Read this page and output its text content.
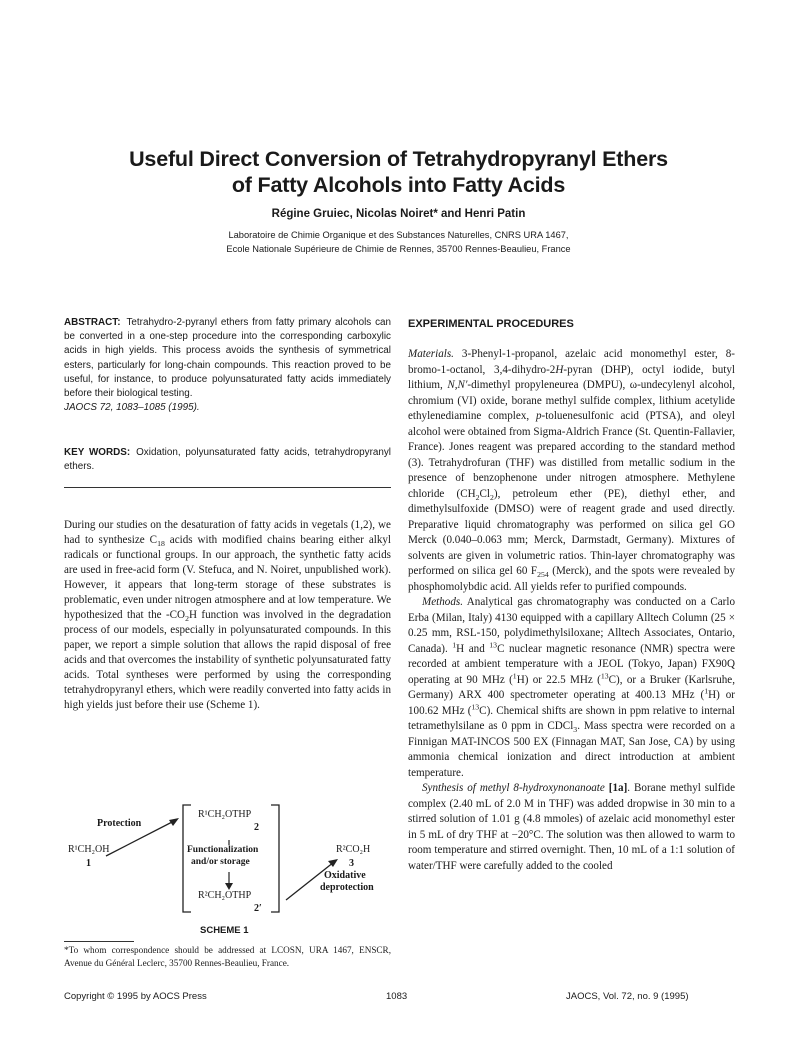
Useful Direct Conversion of Tetrahydropyranyl Ethers
of Fatty Alcohols into Fatty Acids
Régine Gruiec, Nicolas Noiret* and Henri Patin
Laboratoire de Chimie Organique et des Substances Naturelles, CNRS URA 1467,
Ecole Nationale Supérieure de Chimie de Rennes, 35700 Rennes-Beaulieu, France
ABSTRACT: Tetrahydro-2-pyranyl ethers from fatty primary alcohols can be converted in a one-step procedure into the corresponding carboxylic acids in high yields. This process avoids the synthesis of symmetrical esters, particularly for long-chain compounds. This reaction proved to be useful, for instance, to produce polyunsaturated fatty acids immediately before their biological testing.
JAOCS 72, 1083–1085 (1995).
KEY WORDS: Oxidation, polyunsaturated fatty acids, tetrahydropyranyl ethers.

During our studies on the desaturation of fatty acids in vegetals (1,2), we had to synthesize $C_{18}$ acids with modified chains bearing either alkyl radicals or functional groups. In our approach, the synthetic fatty acids are used in free-acid form (V. Stefuca, and N. Noiret, unpublished work). However, it appears that long-term storage of these substrates is problematic, even under nitrogen atmosphere and at low temperature. We hypothesized that the $-CO_2H$ function was involved in the degradation process of our models, especially in polyunsaturated compounds. In this paper, we report a simple solution that allows the rapid disposal of free acids and that overcomes the instability of synthetic polyunsaturated fatty acids. Total syntheses were performed by using the corresponding tetrahydropyranyl ethers, which were readily converted into fatty acids in high yields just before their use (Scheme 1).

Protection
R¹CH₂OH
1
R¹CH₂OTHP
2
Functionalization
and/or storage
R²CH₂OTHP
2′
R²CO₂H
3
Oxidative
deprotection
SCHEME 1
*To whom correspondence should be addressed at LCOSN, URA 1467, ENSCR, Avenue du Général Leclerc, 35700 Rennes-Beaulieu, France.
EXPERIMENTAL PROCEDURES

Materials. 3-Phenyl-1-propanol, azelaic acid monomethyl ester, 8-bromo-1-octanol, 3,4-dihydro-2H-pyran (DHP), octyl iodide, butyl lithium, N,N′-dimethyl propyleneurea (DMPU), ω-undecylenyl alcohol, chromium (VI) oxide, borane methyl sulfide complex, lithium acetylide ethylenediamine complex, p-toluenesulfonic acid (PTSA), and oleyl alcohol were obtained from Sigma-Aldrich France (St. Quentin-Fallavier, France). Jones reagent was prepared according to the standard method (3). Tetrahydrofuran (THF) was distilled from metallic sodium in the presence of benzophenone under nitrogen atmosphere. Methylene chloride $(CH_2Cl_2)$, petroleum ether (PE), diethyl ether, and dimethylsulfoxide (DMSO) were of reagent grade and used directly. Preparative liquid chromatography was performed on silica gel GO Merck (0.040–0.063 mm; Merck, Darmstadt, Germany). Mixtures of solvents are given in volumetric ratios. Thin-layer chromatography was performed on silica gel 60 $F_{254}$ (Merck), and the spots were revealed by phosphomolybdic acid. All yields refer to purified compounds.

Methods. Analytical gas chromatography was conducted on a Carlo Erba (Milan, Italy) 4130 equipped with a capillary Alltech Column (25 × 0.25 mm, RSL-150, polydimethylsiloxane; Alltech Associates, Ontario, Canada). $^1$H and $^{13}$C nuclear magnetic resonance (NMR) spectra were recorded at ambient temperature with a JEOL (Tokyo, Japan) FX90Q operating at 90 MHz ($^1$H) or 22.5 MHz ($^{13}$C), or a Bruker (Karlsruhe, Germany) ARX 400 spectrometer operating at 400.13 MHz ($^1$H) or 100.62 MHz ($^{13}$C). Chemical shifts are shown in ppm relative to internal tetramethylsilane as 0 ppm in CDCl$_3$. Mass spectra were recorded on a Finnigan MAT-INCOS 500 EX (Finnagan MAT, San Jose, CA) by using ammonia chemical ionization and direct introduction at ambient temperature.

Synthesis of methyl 8-hydroxynonanoate [1a]. Borane methyl sulfide complex (2.40 mL of 2.0 M in THF) was added dropwise in 30 min to a stirred solution of 1.01 g (4.8 mmoles) of azelaic acid monomethyl ester in 5 mL of dry THF at −20°C. The solution was then allowed to warm to room temperature and stirred overnight. Then, 10 mL of a 1:1 solution of water/THF were carefully added to the cooled

Copyright © 1995 by AOCS Press	1083	JAOCS, Vol. 72, no. 9 (1995)
